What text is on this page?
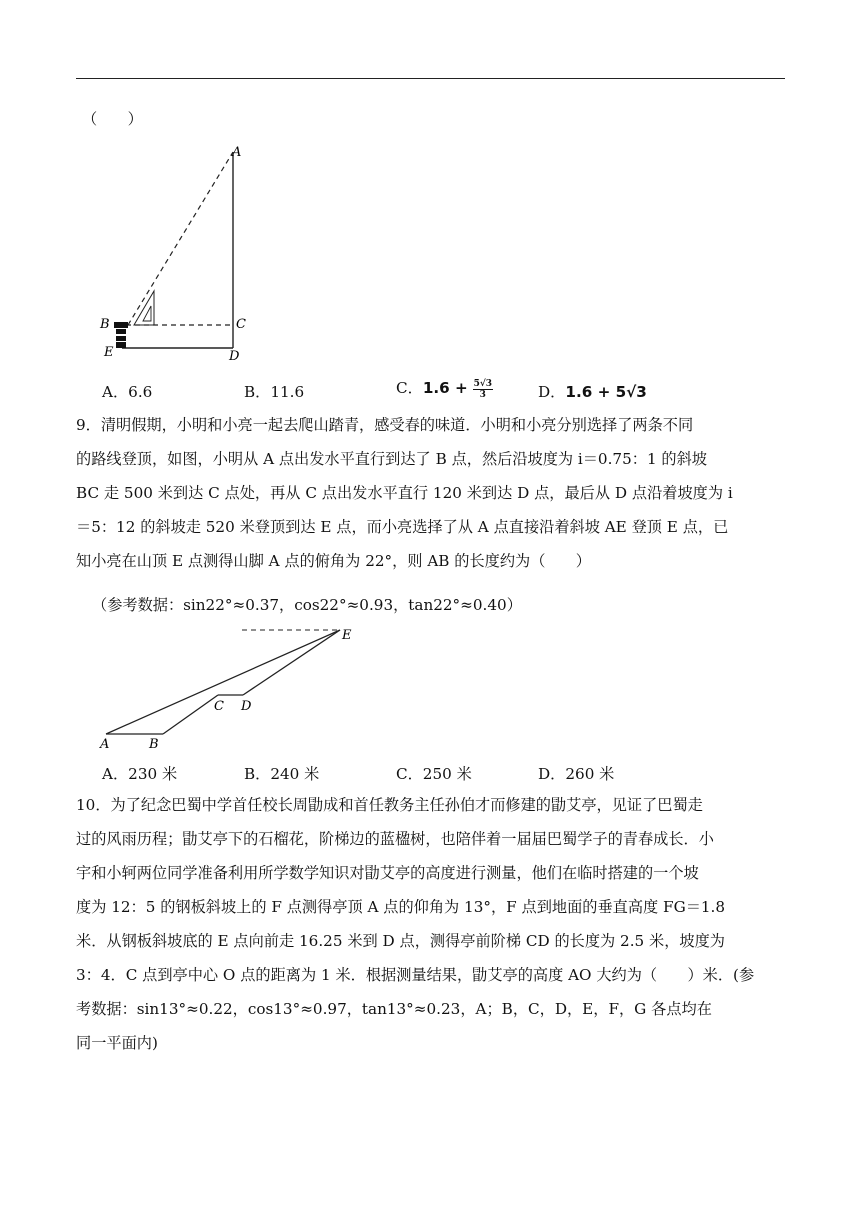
（　　）
A
B	C
E	D
A．6.6	B．11.6	C．$1.6 + \frac{5√3}{3}$	D．1.6 + 5√3
9．清明假期，小明和小亮一起去爬山踏青，感受春的味道．小明和小亮分别选择了两条不同
的路线登顶，如图，小明从 A 点出发水平直行到达了 B 点，然后沿坡度为 i＝0.75：1 的斜坡
BC 走 500 米到达 C 点处，再从 C 点出发水平直行 120 米到达 D 点，最后从 D 点沿着坡度为 i
＝5：12 的斜坡走 520 米登顶到达 E 点，而小亮选择了从 A 点直接沿着斜坡 AE 登顶 E 点，已
知小亮在山顶 E 点测得山脚 A 点的俯角为 22°，则 AB 的长度约为（　　）
（参考数据：sin22°≈0.37，cos22°≈0.93，tan22°≈0.40）
E
C D
A	B
A．230 米	B．240 米	C．250 米	D．260 米
10．为了纪念巴蜀中学首任校长周勖成和首任教务主任孙伯才而修建的勖艾亭，见证了巴蜀走
过的风雨历程；勖艾亭下的石榴花，阶梯边的蓝楹树，也陪伴着一届届巴蜀学子的青春成长．小
宇和小轲两位同学准备利用所学数学知识对勖艾亭的高度进行测量，他们在临时搭建的一个坡
度为 12：5 的钢板斜坡上的 F 点测得亭顶 A 点的仰角为 13°，F 点到地面的垂直高度 FG＝1.8
米．从钢板斜坡底的 E 点向前走 16.25 米到 D 点，测得亭前阶梯 CD 的长度为 2.5 米，坡度为
3：4．C 点到亭中心 O 点的距离为 1 米．根据测量结果，勖艾亭的高度 AO 大约为（　　）米．(参
考数据：sin13°≈0.22，cos13°≈0.97，tan13°≈0.23，A；B，C，D，E，F，G 各点均在
同一平面内)
